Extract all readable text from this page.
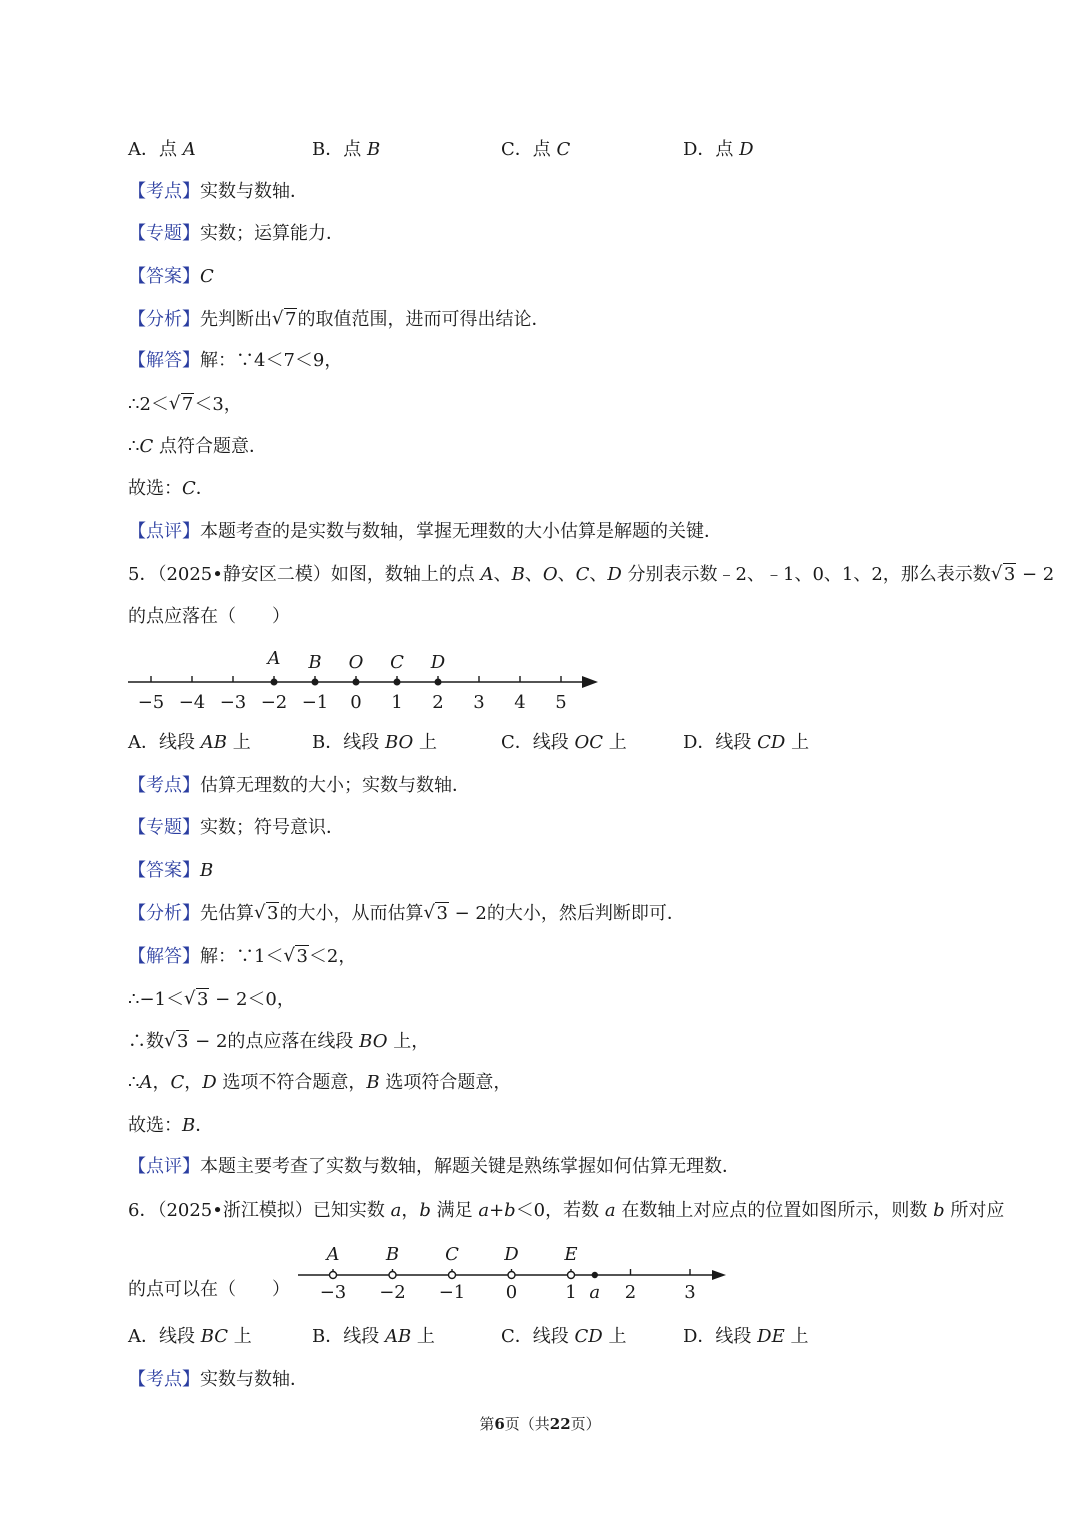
A．点 A	B．点 B	C．点 C	D．点 D
【考点】实数与数轴．
【专题】实数；运算能力．
【答案】C
【分析】先判断出 √ 7的取值范围，进而可得出结论．
【解答】解：∵4＜7＜9，
∴2＜ √ 7＜3，
∴C 点符合题意．
故选：C．
【点评】本题考查的是实数与数轴，掌握无理数的大小估算是解题的关键．
5．（2025•静安区二模）如图，数轴上的点 A、B、O、C、D 分别表示数﹣2、﹣1、0、1、2，那么表示数 √ 3 − 2
的点应落在（　　）
−5 −4 −3 −2 −1 0 1 2 3 4 5
A B O C D
A．线段 AB 上	B．线段 BO 上	C．线段 OC 上	D．线段 CD 上
【考点】估算无理数的大小；实数与数轴．
【专题】实数；符号意识．
【答案】B
【分析】先估算 √ 3的大小，从而估算 √ 3 − 2的大小，然后判断即可．
【解答】解：∵1＜ √ 3＜2，
∴−1＜ √ 3 − 2＜0，
∴数 √ 3 − 2的点应落在线段 BO 上，
∴A，C，D 选项不符合题意，B 选项符合题意，
故选：B．
【点评】本题主要考查了实数与数轴，解题关键是熟练掌握如何估算无理数．
6．（2025•浙江模拟）已知实数 a，b 满足 a+b＜0，若数 a 在数轴上对应点的位置如图所示，则数 b 所对应
的点可以在（　　） −3 −2 −1 0	1	2	3
A	B	C	D	E
a
A．线段 BC 上	B．线段 AB 上	C．线段 CD 上	D．线段 DE 上
【考点】实数与数轴．
第6页（共22页）
